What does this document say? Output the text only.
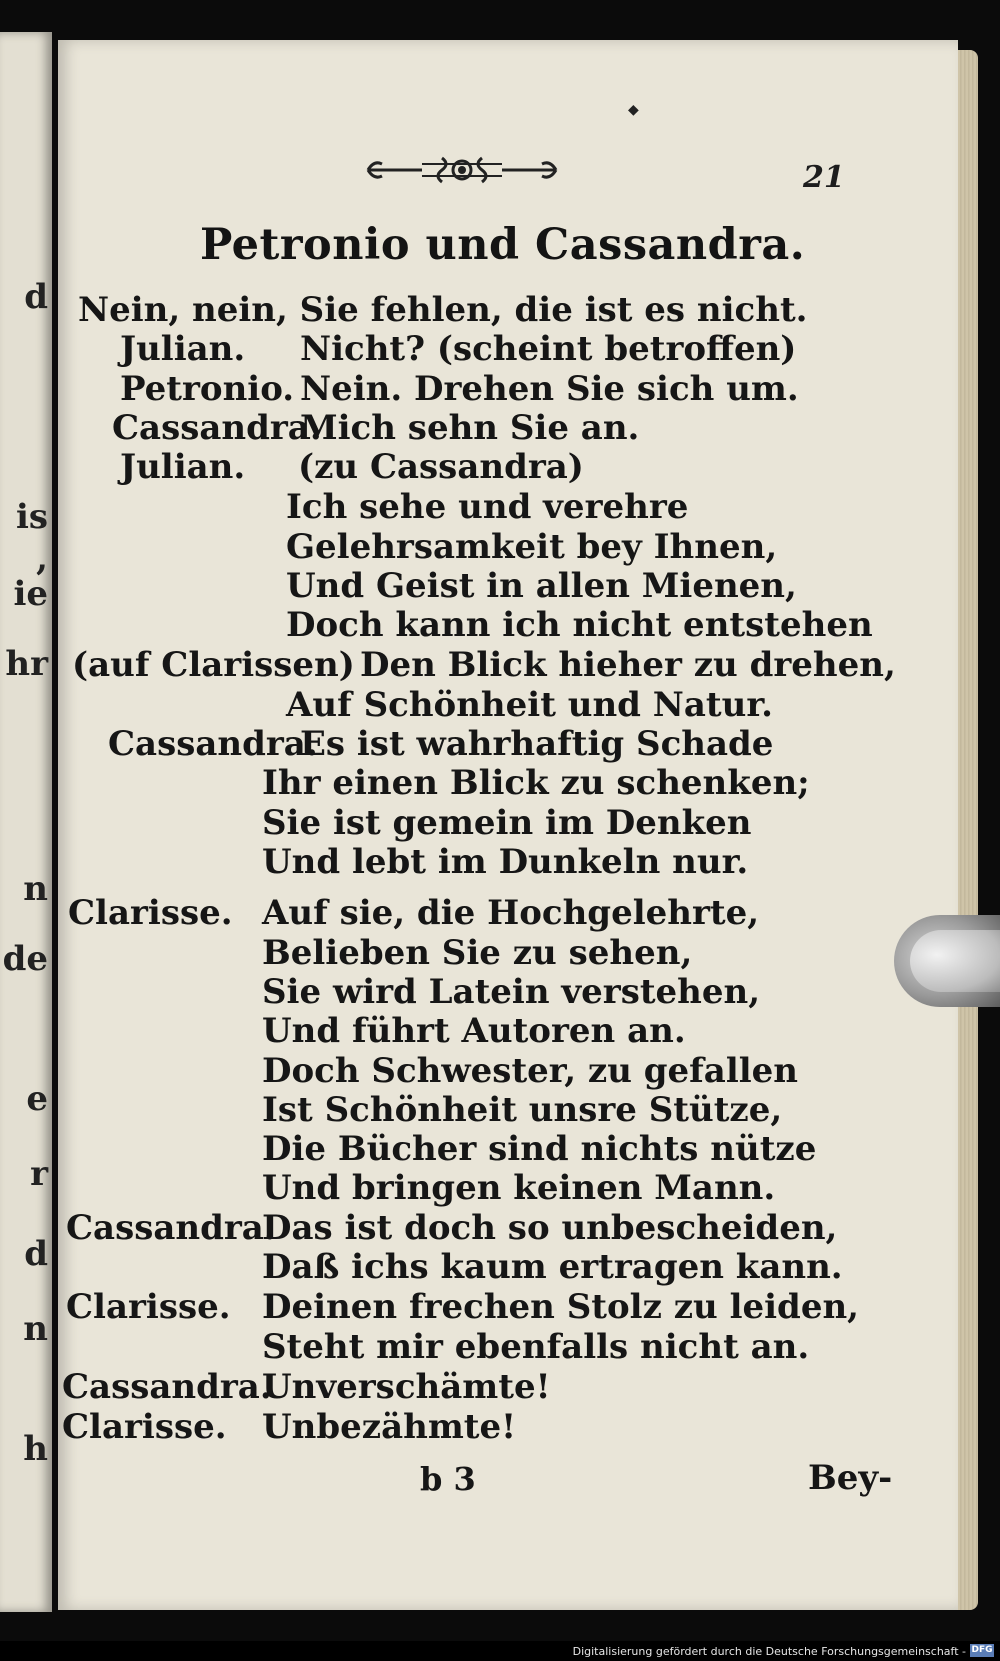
d
is
,
ie
hr
n
de
e
r
d
n
h
◆
21
Petronio und Cassandra.
Nein, nein, Sie fehlen, die ist es nicht.
Julian. Nicht? (scheint betroffen)
Petronio. Nein. Drehen Sie sich um.
Cassandra.
Mich sehn Sie an.
Julian. (zu Cassandra)
Ich sehe und verehre
Gelehrsamkeit bey Ihnen,
Und Geist in allen Mienen,
Doch kann ich nicht entstehen
(auf Clarissen) Den Blick hieher zu drehen,
Auf Schönheit und Natur.
Cassandra.
Es ist wahrhaftig Schade
Ihr einen Blick zu schenken;
Sie ist gemein im Denken
Und lebt im Dunkeln nur.
Clarisse. Auf sie, die Hochgelehrte,
Belieben Sie zu sehen,
Sie wird Latein verstehen,
Und führt Autoren an.
Doch Schwester, zu gefallen
Ist Schönheit unsre Stütze,
Die Bücher sind nichts nütze
Und bringen keinen Mann.
Cassandra.
Das ist doch so unbescheiden,
Daß ichs kaum ertragen kann.
Clarisse. Deinen frechen Stolz zu leiden,
Steht mir ebenfalls nicht an.
Cassandra.
Unverschämte!
Clarisse. Unbezähmte!
b 3	Bey-
Digitalisierung gefördert durch die Deutsche Forschungsgemeinschaft - DFG
